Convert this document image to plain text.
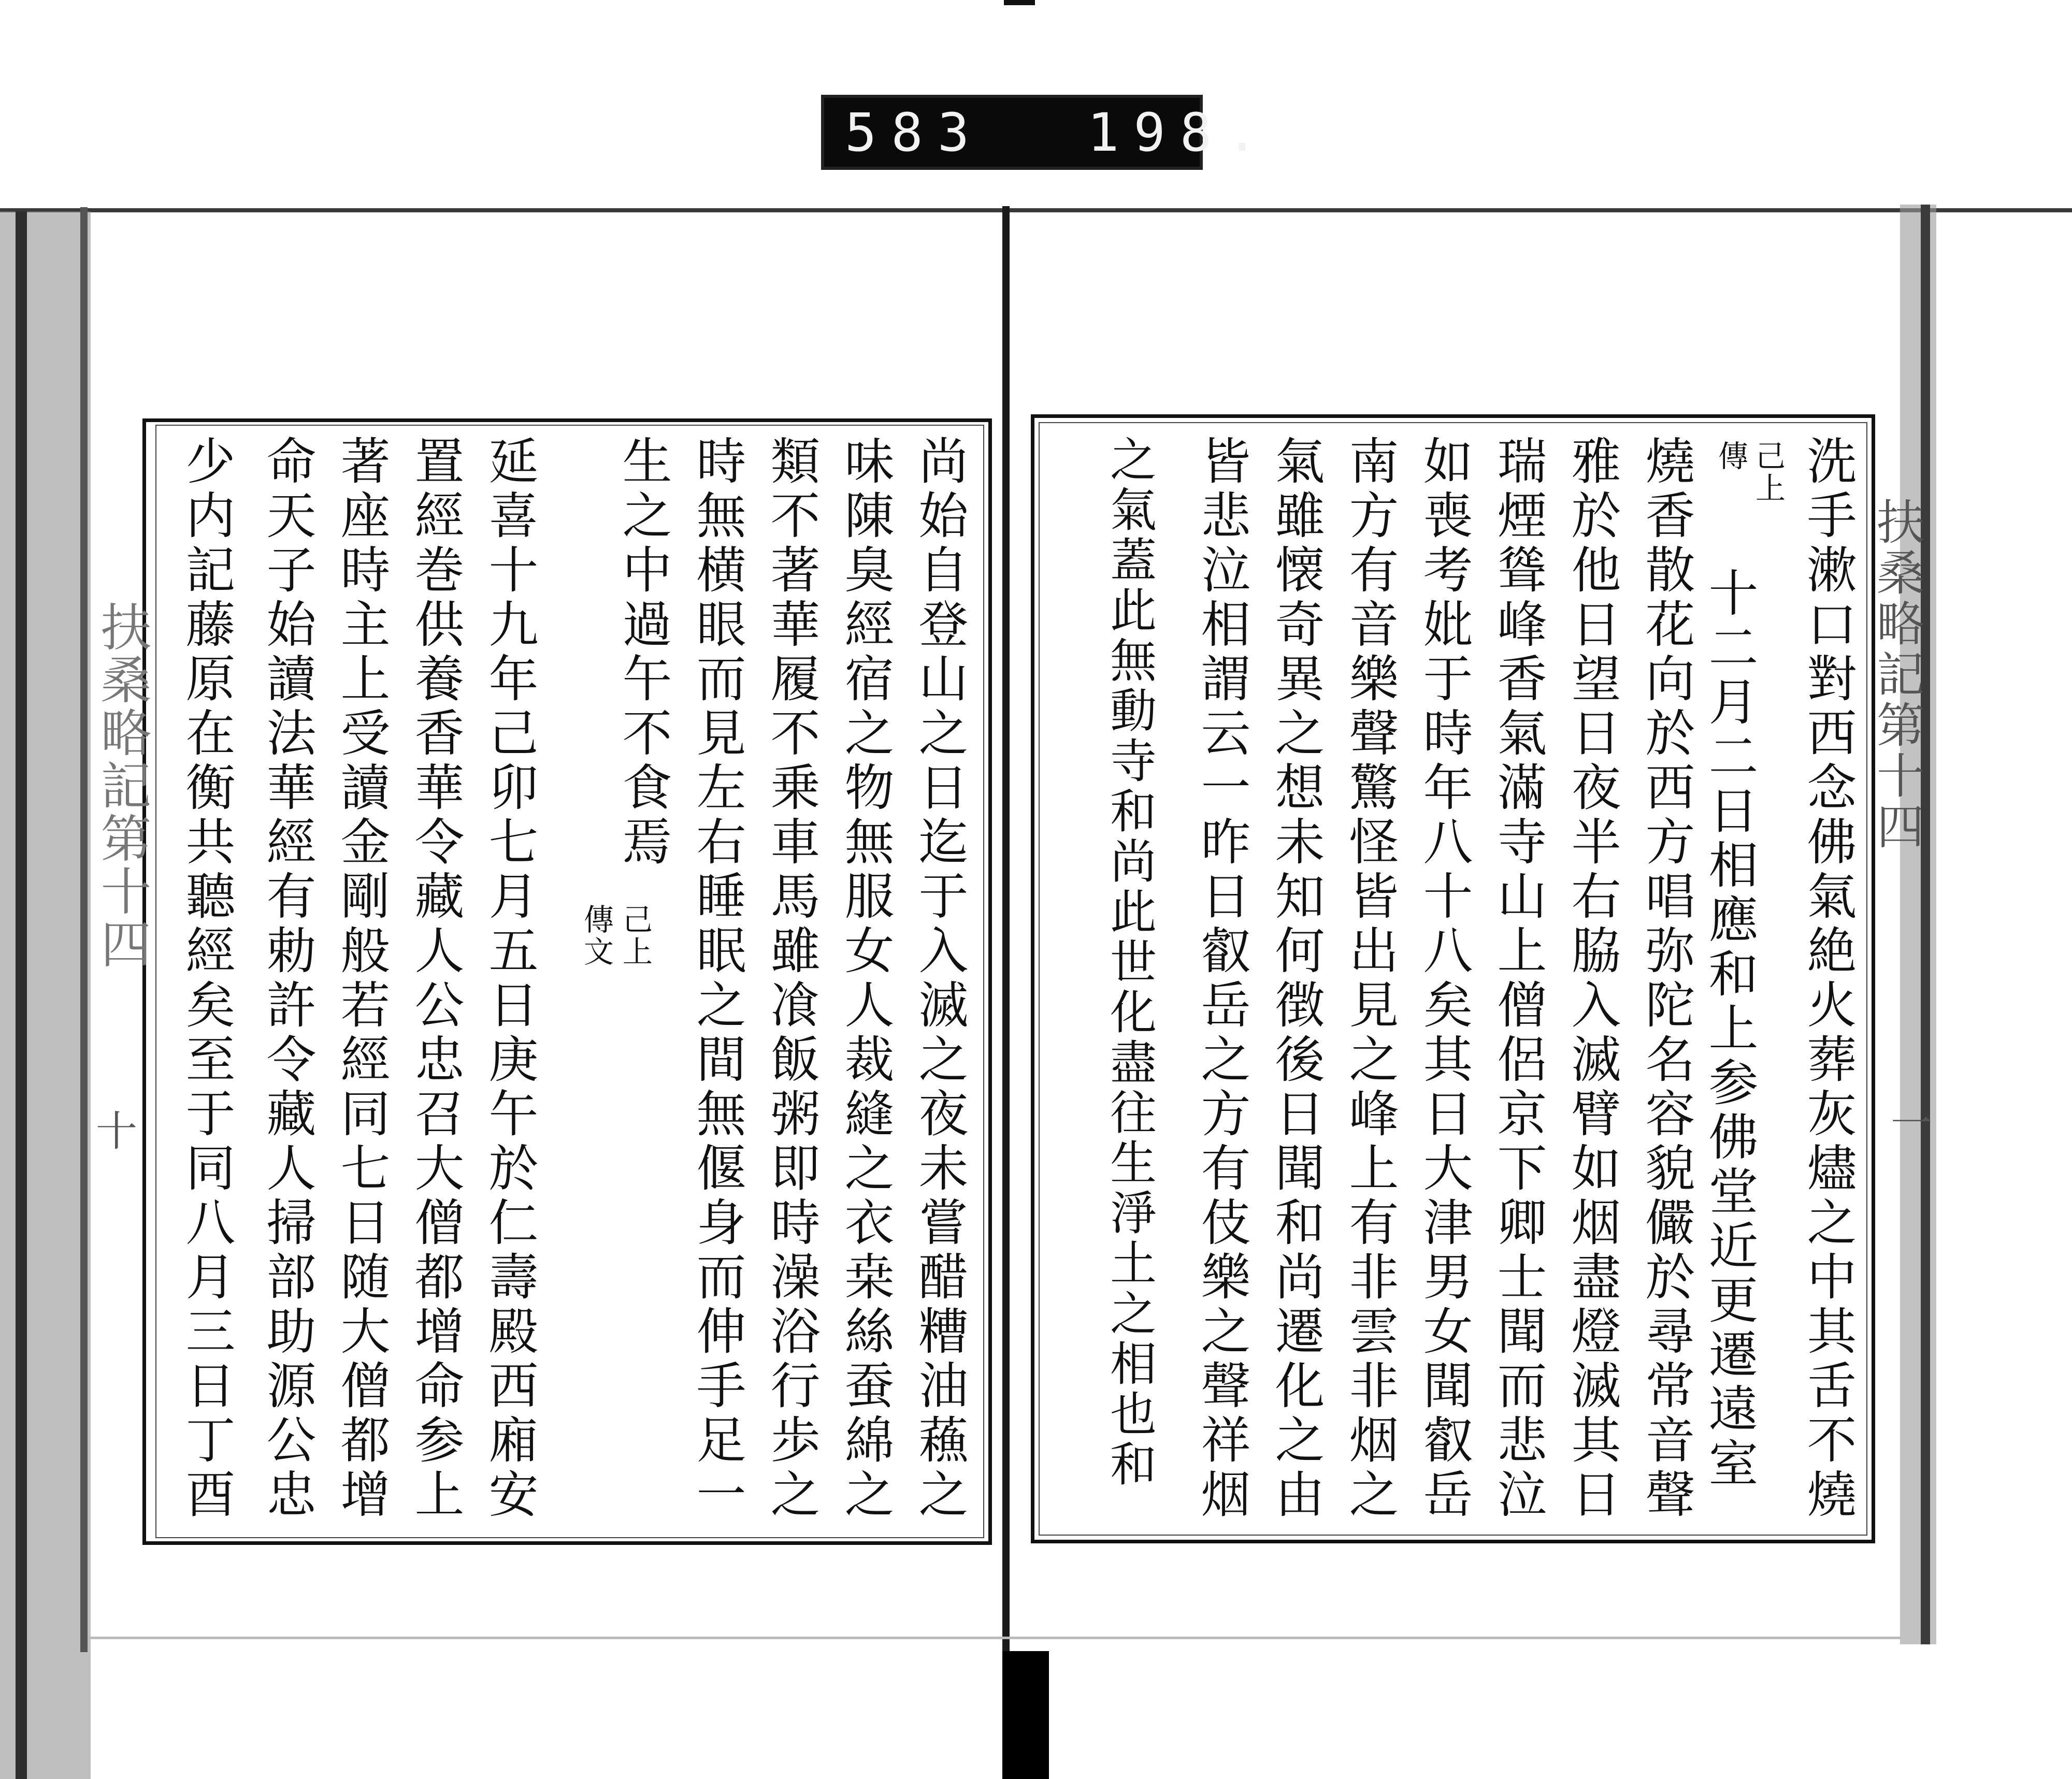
583 198.
扶桑略記第十四
扶桑略記第十四
一
十	洗手漱口對西念佛氣絶火葬灰燼之中其舌不燒
己上
傳
十二月二日相應和上参佛堂近更遷遠室
燒香散花向於西方唱弥陀名容貌儼於尋常音聲
雅於他日望日夜半右脇入滅臂如烟盡燈滅其日
瑞煙聳峰香氣滿寺山上僧侶京下卿士聞而悲泣
如喪考妣于時年八十八矣其日大津男女聞叡岳
南方有音樂聲驚怪皆出見之峰上有非雲非烟之
氣雖懐奇異之想未知何徴後日聞和尚遷化之由
皆悲泣相謂云一昨日叡岳之方有伎樂之聲祥烟
之氣蓋此無動寺和尚此世化盡往生淨土之相也和
尚始自登山之日迄于入滅之夜未嘗醋糟油蘓之
味陳臭經宿之物無服女人裁縫之衣桒絲蚕綿之
類不著華履不乗車馬雖飡飯粥即時澡浴行歩之
時無横眼而見左右睡眠之間無偃身而伸手足一
生之中過午不食焉
己上
傳文
延喜十九年己卯七月五日庚午於仁壽殿西廂安
置經巻供養香華令藏人公忠召大僧都增命参上
著座時主上受讀金剛般若經同七日随大僧都增
命天子始讀法華經有勅許令藏人掃部助源公忠
少内記藤原在衡共聽經矣至于同八月三日丁酉
